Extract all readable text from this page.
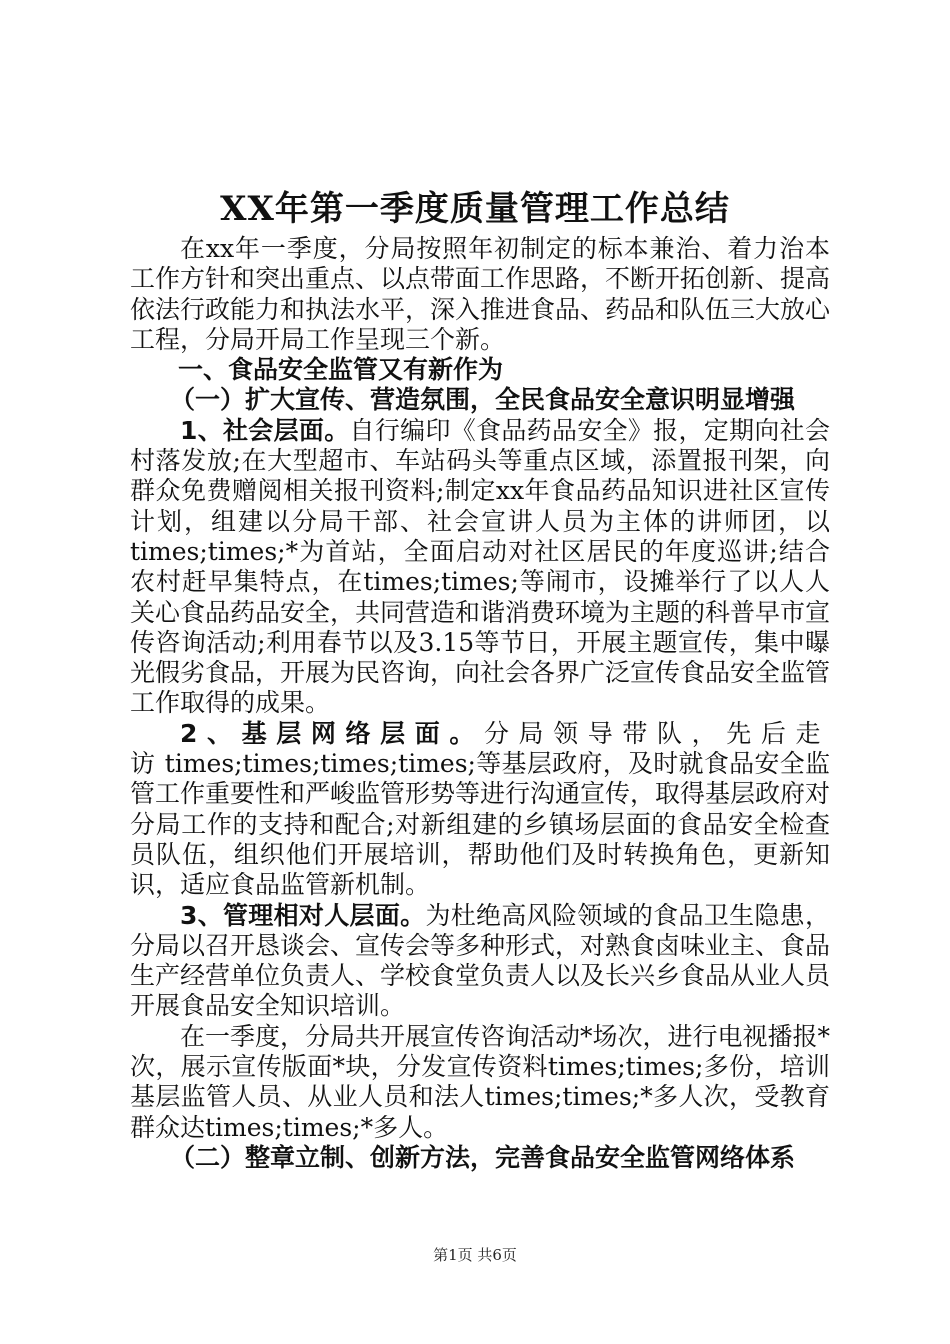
XX年第一季度质量管理工作总结

在xx年一季度，分局按照年初制定的标本兼治、着力治本工作方针和突出重点、以点带面工作思路，不断开拓创新、提高依法行政能力和执法水平，深入推进食品、药品和队伍三大放心工程，分局开局工作呈现三个新。

一、食品安全监管又有新作为

（一）扩大宣传、营造氛围，全民食品安全意识明显增强

1、社会层面。自行编印《食品药品安全》报，定期向社会村落发放;在大型超市、车站码头等重点区域，添置报刊架，向群众免费赠阅相关报刊资料;制定xx年食品药品知识进社区宣传计划，组建以分局干部、社会宣讲人员为主体的讲师团，以times;times;*为首站，全面启动对社区居民的年度巡讲;结合农村赶早集特点，在times;times;等闹市，设摊举行了以人人关心食品药品安全，共同营造和谐消费环境为主题的科普早市宣传咨询活动;利用春节以及3.15等节日，开展主题宣传，集中曝光假劣食品，开展为民咨询，向社会各界广泛宣传食品安全监管工作取得的成果。

2、基层网络层面。分局领导带队，先后走访times;times;times;times;等基层政府，及时就食品安全监管工作重要性和严峻监管形势等进行沟通宣传，取得基层政府对分局工作的支持和配合;对新组建的乡镇场层面的食品安全检查员队伍，组织他们开展培训，帮助他们及时转换角色，更新知识，适应食品监管新机制。

3、管理相对人层面。为杜绝高风险领域的食品卫生隐患，分局以召开恳谈会、宣传会等多种形式，对熟食卤味业主、食品生产经营单位负责人、学校食堂负责人以及长兴乡食品从业人员开展食品安全知识培训。

在一季度，分局共开展宣传咨询活动*场次，进行电视播报*次，展示宣传版面*块，分发宣传资料times;times;多份，培训基层监管人员、从业人员和法人times;times;*多人次，受教育群众达times;times;*多人。

（二）整章立制、创新方法，完善食品安全监管网络体系

第1页 共6页
